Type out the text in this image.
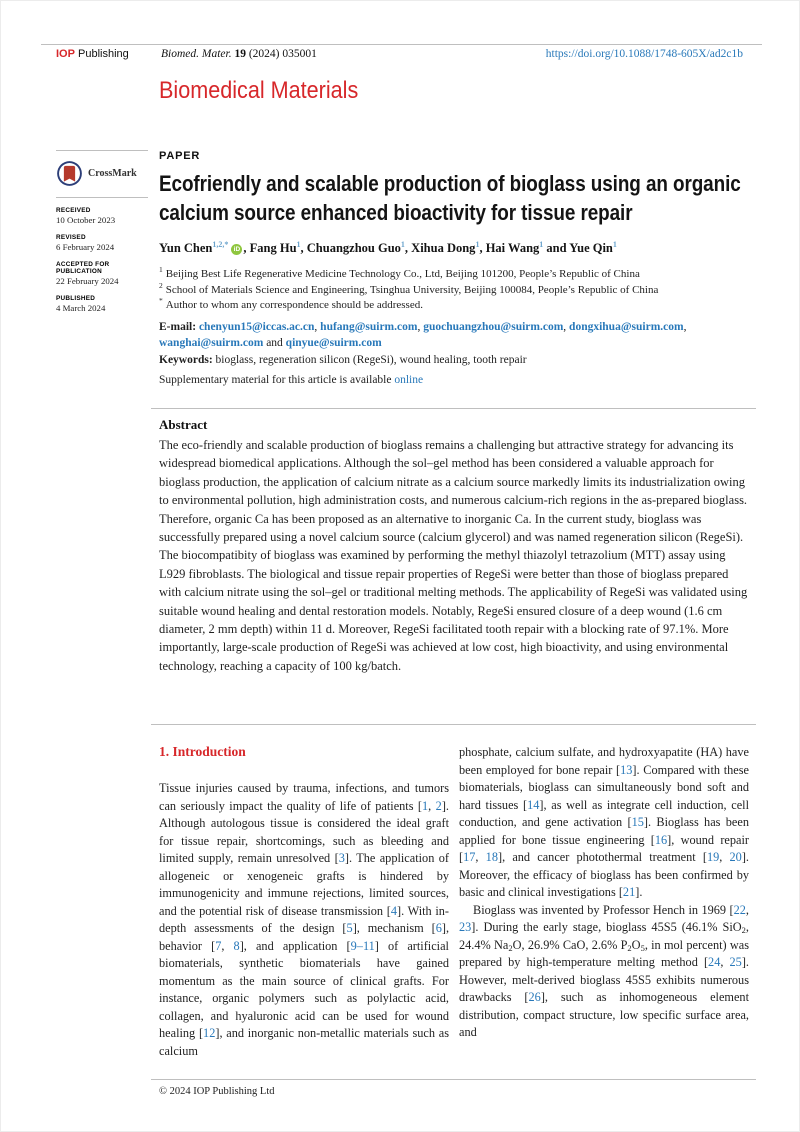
IOP Publishing	Biomed. Mater. 19 (2024) 035001	https://doi.org/10.1088/1748-605X/ad2c1b
Biomedical Materials
CrossMark
RECEIVED
10 October 2023
REVISED
6 February 2024
ACCEPTED FOR PUBLICATION
22 February 2024
PUBLISHED
4 March 2024
PAPER
Ecofriendly and scalable production of bioglass using an organic
calcium source enhanced bioactivity for tissue repair
Yun Chen$^{1,2,*}$iD , Fang Hu$^1$, Chuangzhou Guo$^1$, Xihua Dong$^1$, Hai Wang$^1$ and Yue Qin$^1$
$^1$ Beijing Best Life Regenerative Medicine Technology Co., Ltd, Beijing 101200, People’s Republic of China
$^2$ School of Materials Science and Engineering, Tsinghua University, Beijing 100084, People’s Republic of China
* Author to whom any correspondence should be addressed.
E-mail: chenyun15@iccas.ac.cn, hufang@suirm.com, guochuangzhou@suirm.com, dongxihua@suirm.com, wanghai@suirm.com and qinyue@suirm.com
Keywords: bioglass, regeneration silicon (RegeSi), wound healing, tooth repair
Supplementary material for this article is available online
Abstract
The eco-friendly and scalable production of bioglass remains a challenging but attractive strategy for advancing its widespread biomedical applications. Although the sol–gel method has been considered a valuable approach for bioglass production, the application of calcium nitrate as a calcium source markedly limits its industrialization owing to environmental pollution, high administration costs, and numerous calcium-rich regions in the as-prepared bioglass. Therefore, organic Ca has been proposed as an alternative to inorganic Ca. In the current study, bioglass was successfully prepared using a novel calcium source (calcium glycerol) and was named regeneration silicon (RegeSi). The biocompatibity of bioglass was examined by performing the methyl thiazolyl tetrazolium (MTT) assay using L929 fibroblasts. The biological and tissue repair properties of RegeSi were better than those of bioglass prepared with calcium nitrate using the sol–gel or traditional melting methods. The applicability of RegeSi was validated using suitable wound healing and dental restoration models. Notably, RegeSi ensured closure of a deep wound (1.6 cm diameter, 2 mm depth) within 11 d. Moreover, RegeSi facilitated tooth repair with a blocking rate of 97.1%. More importantly, large-scale production of RegeSi was achieved at low cost, high bioactivity, and using environmental technology, reaching a capacity of 100 kg/batch.
1. Introduction

Tissue injuries caused by trauma, infections, and tumors can seriously impact the quality of life of patients [1, 2]. Although autologous tissue is considered the ideal graft for tissue repair, shortcomings, such as bleeding and limited supply, remain unresolved [3]. The application of allogeneic or xenogeneic grafts is hindered by immunogenicity and immune rejections, limited sources, and the potential risk of disease transmission [4]. With in-depth assessments of the design [5], mechanism [6], behavior [7, 8], and application [9–11] of artificial biomaterials, synthetic biomaterials have gained momentum as the main source of clinical grafts. For instance, organic polymers such as polylactic acid, collagen, and hyaluronic acid can be used for wound healing [12], and inorganic non-metallic materials such as calcium

phosphate, calcium sulfate, and hydroxyapatite (HA) have been employed for bone repair [13]. Compared with these biomaterials, bioglass can simultaneously bond soft and hard tissues [14], as well as integrate cell induction, cell conduction, and gene activation [15]. Bioglass has been applied for bone tissue engineering [16], wound repair [17, 18], and cancer photothermal treatment [19, 20]. Moreover, the efficacy of bioglass has been confirmed by basic and clinical investigations [21].

Bioglass was invented by Professor Hench in 1969 [22, 23]. During the early stage, bioglass 45S5 (46.1% SiO$_2$, 24.4% $Na_2O$, 26.9% CaO, 2.6% $P_2O_5$, in mol percent) was prepared by high-temperature melting method [24, 25]. However, melt-derived bioglass 45S5 exhibits numerous drawbacks [26], such as inhomogeneous element distribution, compact structure, low specific surface area, and

© 2024 IOP Publishing Ltd
